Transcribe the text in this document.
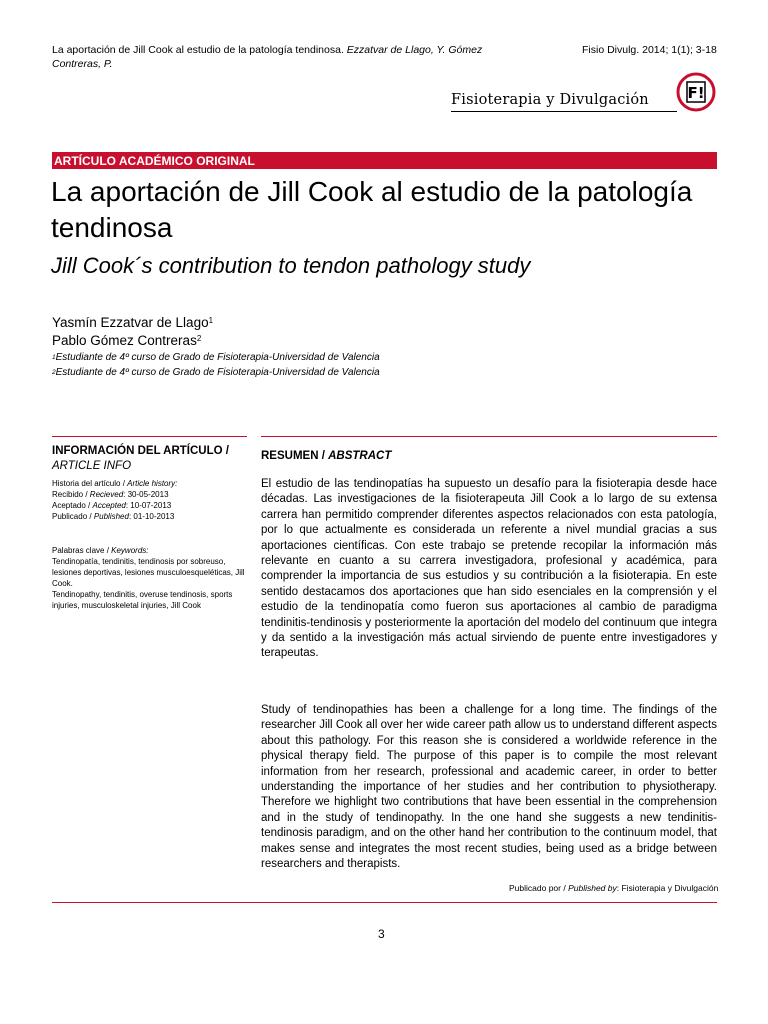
La aportación de Jill Cook al estudio de la patología tendinosa. Ezzatvar de Llago, Y. Gómez Contreras, P.
Fisio Divulg. 2014; 1(1); 3-18
Fisioterapia y Divulgación	F!
ARTÍCULO ACADÉMICO ORIGINAL
La aportación de Jill Cook al estudio de la patología tendinosa
Jill Cook´s contribution to tendon pathology study
Yasmín Ezzatvar de Llago$^1$
Pablo Gómez Contreras$^2$
$^1$Estudiante de 4º curso de Grado de Fisioterapia-Universidad de Valencia
$^2$Estudiante de 4º curso de Grado de Fisioterapia-Universidad de Valencia
INFORMACIÓN DEL ARTÍCULO /
ARTICLE INFO
Historia del artículo / Article history:
Recibido / Recieved: 30-05-2013
Aceptado / Accepted: 10-07-2013
Publicado / Published: 01-10-2013
Palabras clave / Keywords:
Tendinopatía, tendinitis, tendinosis por sobreuso, lesiones deportivas, lesiones musculoesqueléticas, Jill Cook.
Tendinopathy, tendinitis, overuse tendinosis, sports injuries, musculoskeletal injuries, Jill Cook
RESUMEN / ABSTRACT
El estudio de las tendinopatías ha supuesto un desafío para la fisioterapia desde hace décadas. Las investigaciones de la fisioterapeuta Jill Cook a lo largo de su extensa carrera han permitido comprender diferentes aspectos relacionados con esta patología, por lo que actualmente es considerada un referente a nivel mundial gracias a sus aportaciones científicas. Con este trabajo se pretende recopilar la información más relevante en cuanto a su carrera investigadora, profesional y académica, para comprender la importancia de sus estudios y su contribución a la fisioterapia. En este sentido destacamos dos aportaciones que han sido esenciales en la comprensión y el estudio de la tendinopatía como fueron sus aportaciones al cambio de paradigma tendinitis-tendinosis y posteriormente la aportación del modelo del continuum que integra y da sentido a la investigación más actual sirviendo de puente entre investigadores y terapeutas.
Study of tendinopathies has been a challenge for a long time. The findings of the researcher Jill Cook all over her wide career path allow us to understand different aspects about this pathology. For this reason she is considered a worldwide reference in the physical therapy field. The purpose of this paper is to compile the most relevant information from her research, professional and academic career, in order to better understanding the importance of her studies and her contribution to physiotherapy. Therefore we highlight two contributions that have been essential in the comprehension and in the study of tendinopathy. In the one hand she suggests a new tendinitis-tendinosis paradigm, and on the other hand her contribution to the continuum model, that makes sense and integrates the most recent studies, being used as a bridge between researchers and therapists.
Publicado por / Published by: Fisioterapia y Divulgación
3
